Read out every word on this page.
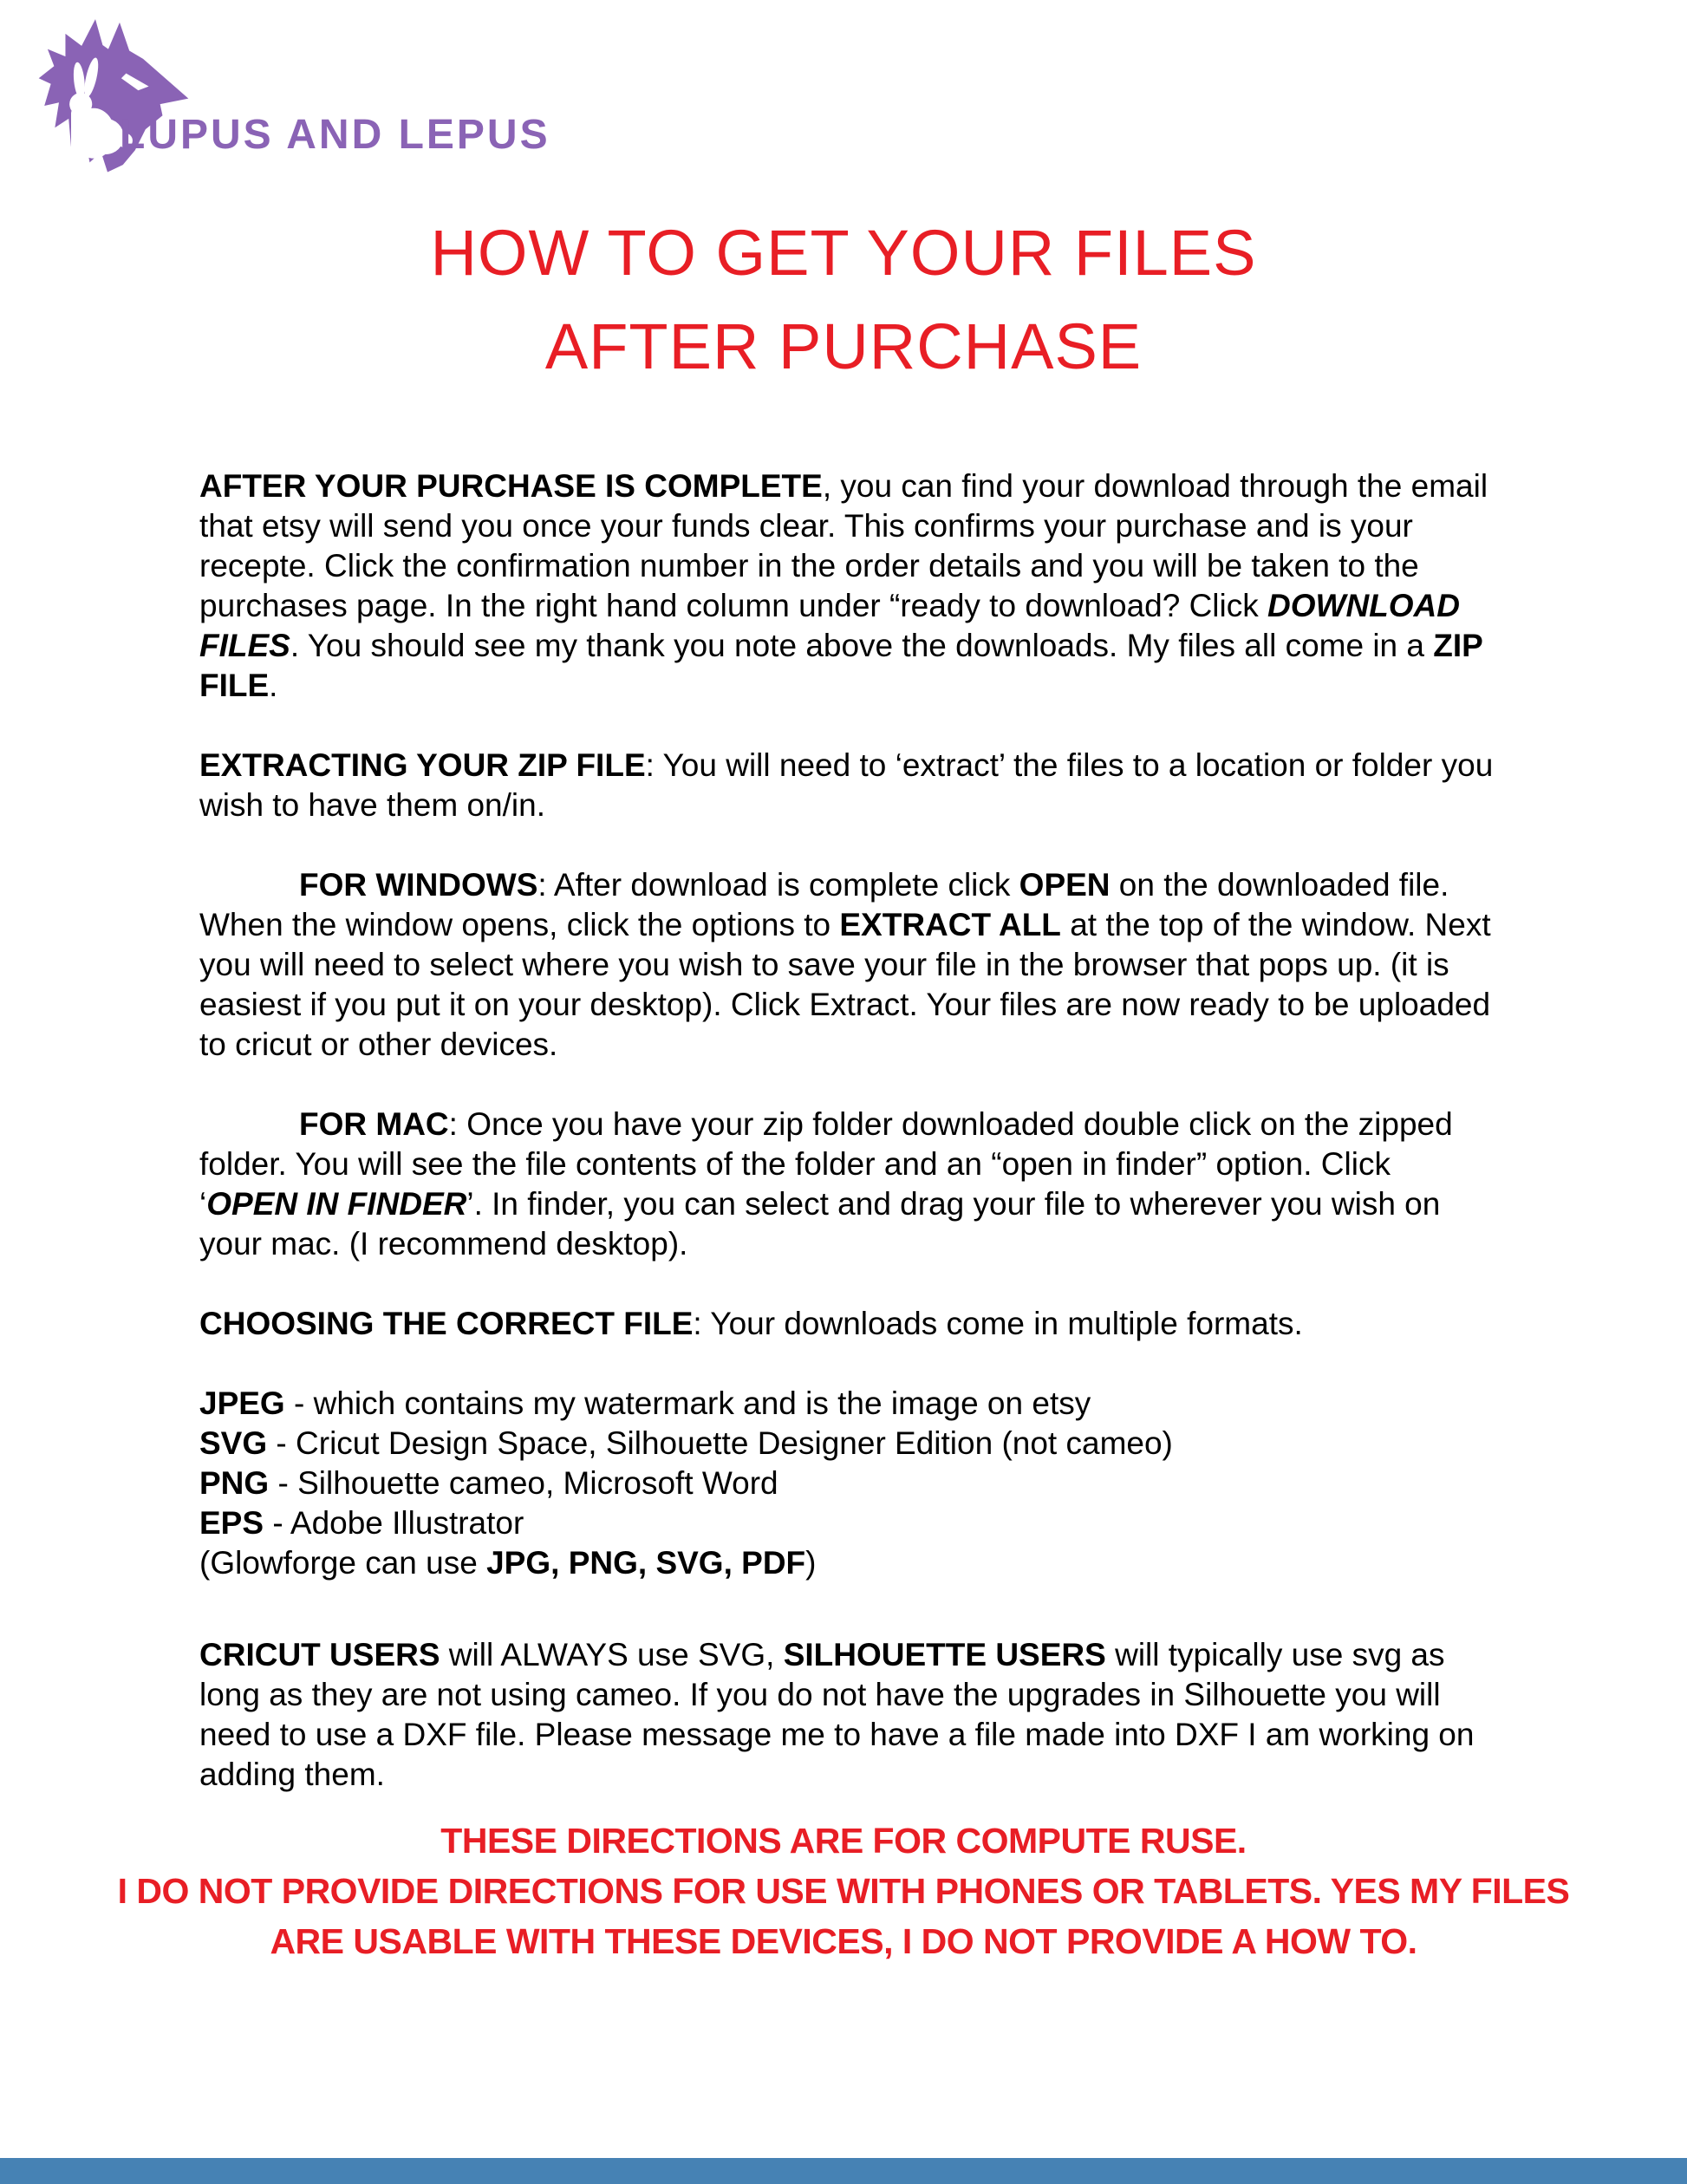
LUPUS AND LEPUS
HOW TO GET YOUR FILES
AFTER PURCHASE

AFTER YOUR PURCHASE IS COMPLETE, you can find your download through the email that etsy will send you once your funds clear. This confirms your purchase and is your recepte. Click the confirmation number in the order details and you will be taken to the purchases page. In the right hand column under “ready to download? Click DOWNLOAD FILES. You should see my thank you note above the downloads. My files all come in a ZIP FILE.

EXTRACTING YOUR ZIP FILE: You will need to ‘extract’ the files to a location or folder you wish to have them on/in.

FOR WINDOWS: After download is complete click OPEN on the downloaded file. When the window opens, click the options to EXTRACT ALL at the top of the window. Next you will need to select where you wish to save your file in the browser that pops up. (it is easiest if you put it on your desktop). Click Extract. Your files are now ready to be uploaded to cricut or other devices.

FOR MAC: Once you have your zip folder downloaded double click on the zipped folder. You will see the file contents of the folder and an “open in finder” option. Click ‘OPEN IN FINDER’. In finder, you can select and drag your file to wherever you wish on your mac. (I recommend desktop).

CHOOSING THE CORRECT FILE: Your downloads come in multiple formats.

JPEG - which contains my watermark and is the image on etsy

SVG - Cricut Design Space, Silhouette Designer Edition (not cameo)

PNG - Silhouette cameo, Microsoft Word

EPS - Adobe Illustrator

(Glowforge can use JPG, PNG, SVG, PDF)

CRICUT USERS will ALWAYS use SVG, SILHOUETTE USERS will typically use svg as long as they are not using cameo. If you do not have the upgrades in Silhouette you will need to use a DXF file. Please message me to have a file made into DXF I am working on adding them.

THESE DIRECTIONS ARE FOR COMPUTE RUSE.
I DO NOT PROVIDE DIRECTIONS FOR USE WITH PHONES OR TABLETS. YES MY FILES
ARE USABLE WITH THESE DEVICES, I DO NOT PROVIDE A HOW TO.
